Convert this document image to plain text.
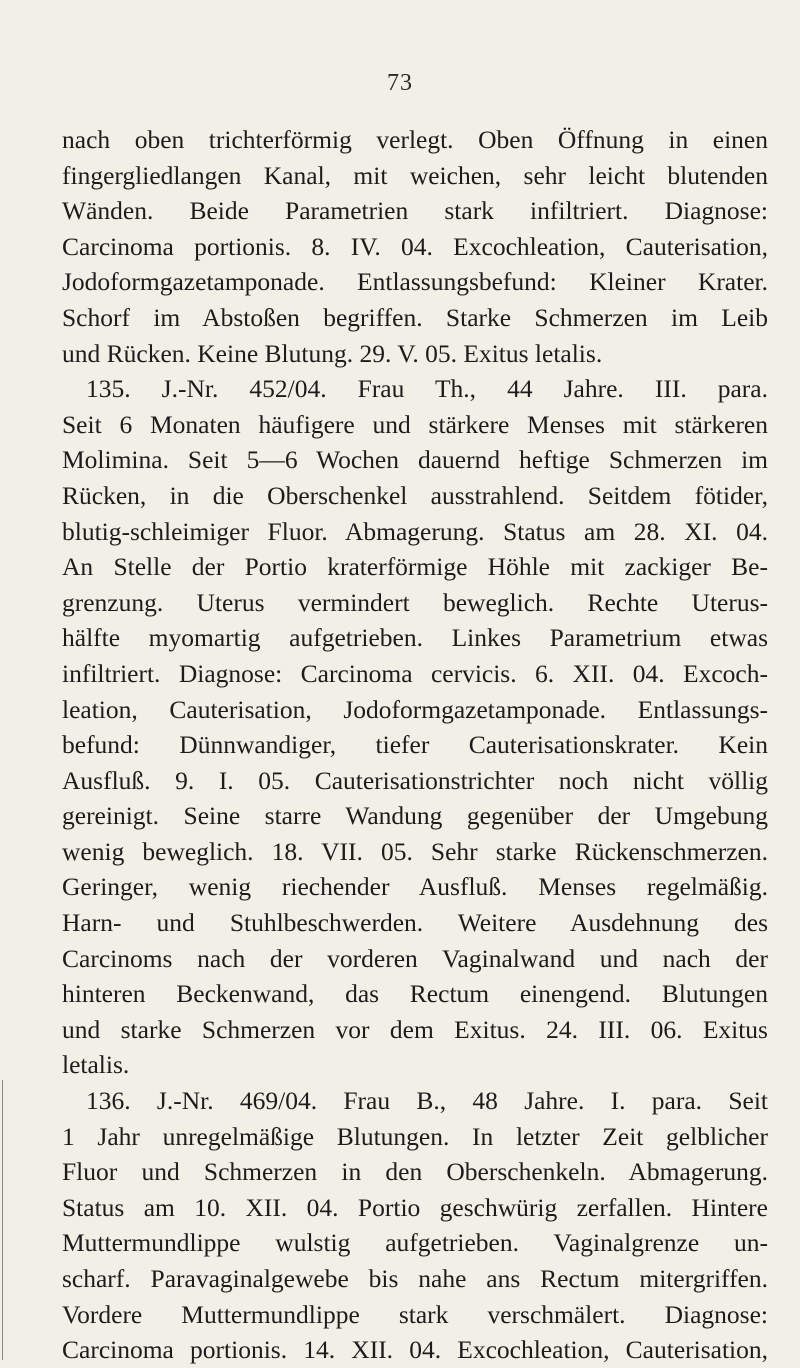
73
nach oben trichterförmig verlegt. Oben Öffnung in einen
fingergliedlangen Kanal, mit weichen, sehr leicht blutenden
Wänden. Beide Parametrien stark infiltriert. Diagnose:
Carcinoma portionis. 8. IV. 04. Excochleation, Cauterisation,
Jodoformgazetamponade. Entlassungsbefund: Kleiner Krater.
Schorf im Abstoßen begriffen. Starke Schmerzen im Leib
und Rücken. Keine Blutung. 29. V. 05. Exitus letalis.
135. J.-Nr. 452/04. Frau Th., 44 Jahre. III. para.
Seit 6 Monaten häufigere und stärkere Menses mit stärkeren
Molimina. Seit 5—6 Wochen dauernd heftige Schmerzen im
Rücken, in die Oberschenkel ausstrahlend. Seitdem fötider,
blutig-schleimiger Fluor. Abmagerung. Status am 28. XI. 04.
An Stelle der Portio kraterförmige Höhle mit zackiger Be-
grenzung. Uterus vermindert beweglich. Rechte Uterus-
hälfte myomartig aufgetrieben. Linkes Parametrium etwas
infiltriert. Diagnose: Carcinoma cervicis. 6. XII. 04. Excoch-
leation, Cauterisation, Jodoformgazetamponade. Entlassungs-
befund: Dünnwandiger, tiefer Cauterisationskrater. Kein
Ausfluß. 9. I. 05. Cauterisationstrichter noch nicht völlig
gereinigt. Seine starre Wandung gegenüber der Umgebung
wenig beweglich. 18. VII. 05. Sehr starke Rückenschmerzen.
Geringer, wenig riechender Ausfluß. Menses regelmäßig.
Harn- und Stuhlbeschwerden. Weitere Ausdehnung des
Carcinoms nach der vorderen Vaginalwand und nach der
hinteren Beckenwand, das Rectum einengend. Blutungen
und starke Schmerzen vor dem Exitus. 24. III. 06. Exitus
letalis.
136. J.-Nr. 469/04. Frau B., 48 Jahre. I. para. Seit
1 Jahr unregelmäßige Blutungen. In letzter Zeit gelblicher
Fluor und Schmerzen in den Oberschenkeln. Abmagerung.
Status am 10. XII. 04. Portio geschwürig zerfallen. Hintere
Muttermundlippe wulstig aufgetrieben. Vaginalgrenze un-
scharf. Paravaginalgewebe bis nahe ans Rectum mitergriffen.
Vordere Muttermundlippe stark verschmälert. Diagnose:
Carcinoma portionis. 14. XII. 04. Excochleation, Cauterisation,
